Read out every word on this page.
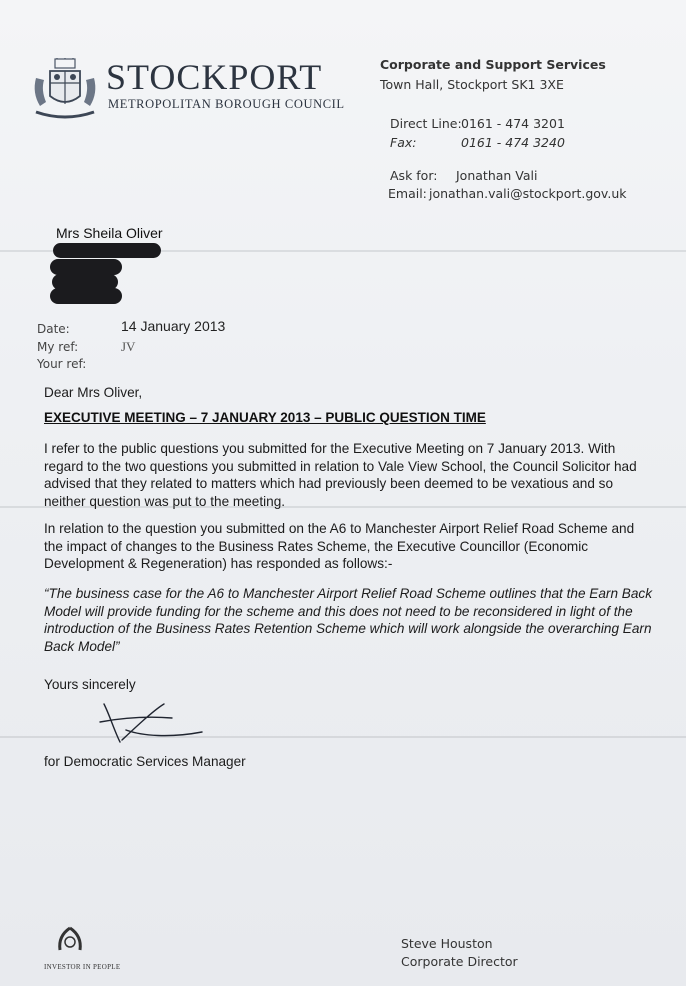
STOCKPORT
METROPOLITAN BOROUGH COUNCIL
Corporate and Support Services
Town Hall, Stockport SK1 3XE
Direct Line: 0161 - 474 3201
Fax:	0161 - 474 3240
Ask for: Jonathan Vali
Email: jonathan.vali@stockport.gov.uk
Mrs Sheila Oliver
Date:	14 January 2013
My ref:	JV
Your ref:
Dear Mrs Oliver,
EXECUTIVE MEETING – 7 JANUARY 2013 – PUBLIC QUESTION TIME
I refer to the public questions you submitted for the Executive Meeting on 7 January 2013. With regard to the two questions you submitted in relation to Vale View School, the Council Solicitor had advised that they related to matters which had previously been deemed to be vexatious and so neither question was put to the meeting.
In relation to the question you submitted on the A6 to Manchester Airport Relief Road Scheme and the impact of changes to the Business Rates Scheme, the Executive Councillor (Economic Development & Regeneration) has responded as follows:-
“The business case for the A6 to Manchester Airport Relief Road Scheme outlines that the Earn Back Model will provide funding for the scheme and this does not need to be reconsidered in light of the introduction of the Business Rates Retention Scheme which will work alongside the overarching Earn Back Model”
Yours sincerely
for Democratic Services Manager
INVESTOR IN PEOPLE
Steve Houston
Corporate Director
